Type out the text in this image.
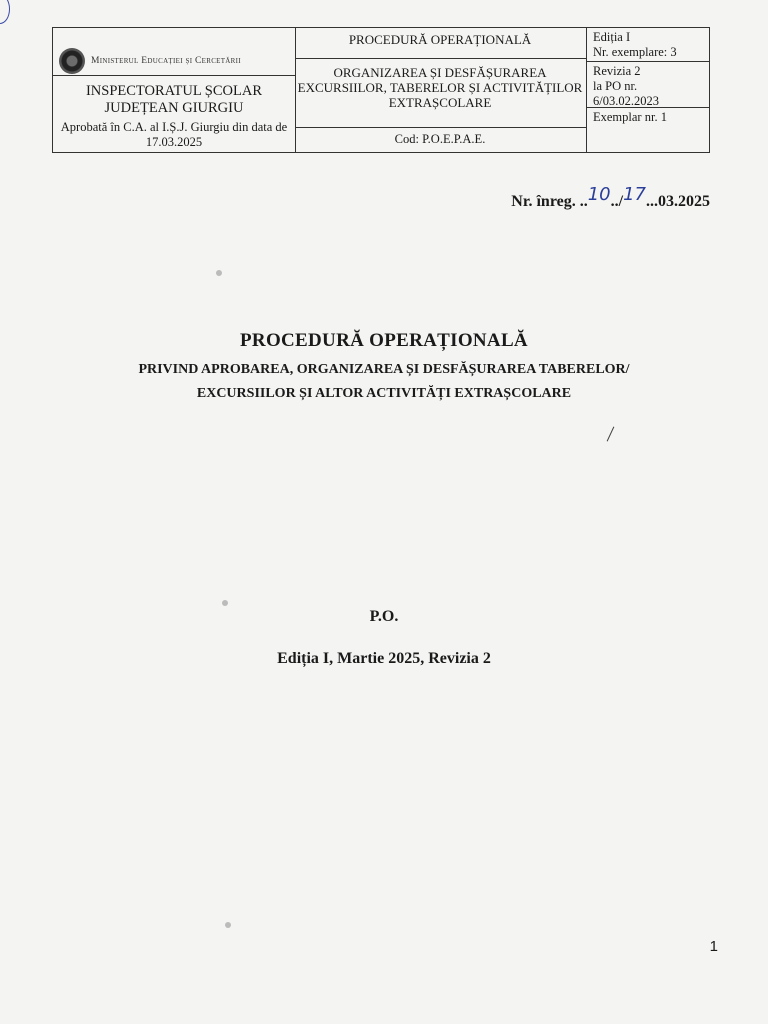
Ministerul Educației și Cercetării
INSPECTORATUL ȘCOLAR JUDEȚEAN GIURGIU
Aprobată în C.A. al I.Ș.J. Giurgiu din data de 17.03.2025
PROCEDURĂ OPERAȚIONALĂ
ORGANIZAREA ȘI DESFĂȘURAREA EXCURSIILOR, TABERELOR ȘI ACTIVITĂȚILOR EXTRAȘCOLARE
Cod: P.O.E.P.A.E.
Ediția I
Nr. exemplare: 3
Revizia 2
la PO nr.
6/03.02.2023
Exemplar nr. 1
Nr. înreg. ..10../17...03.2025
PROCEDURĂ OPERAȚIONALĂ
PRIVIND APROBAREA, ORGANIZAREA ȘI DESFĂȘURAREA TABERELOR/
EXCURSIILOR ȘI ALTOR ACTIVITĂȚI EXTRAȘCOLARE
P.O.
Ediția I, Martie 2025, Revizia 2
1
